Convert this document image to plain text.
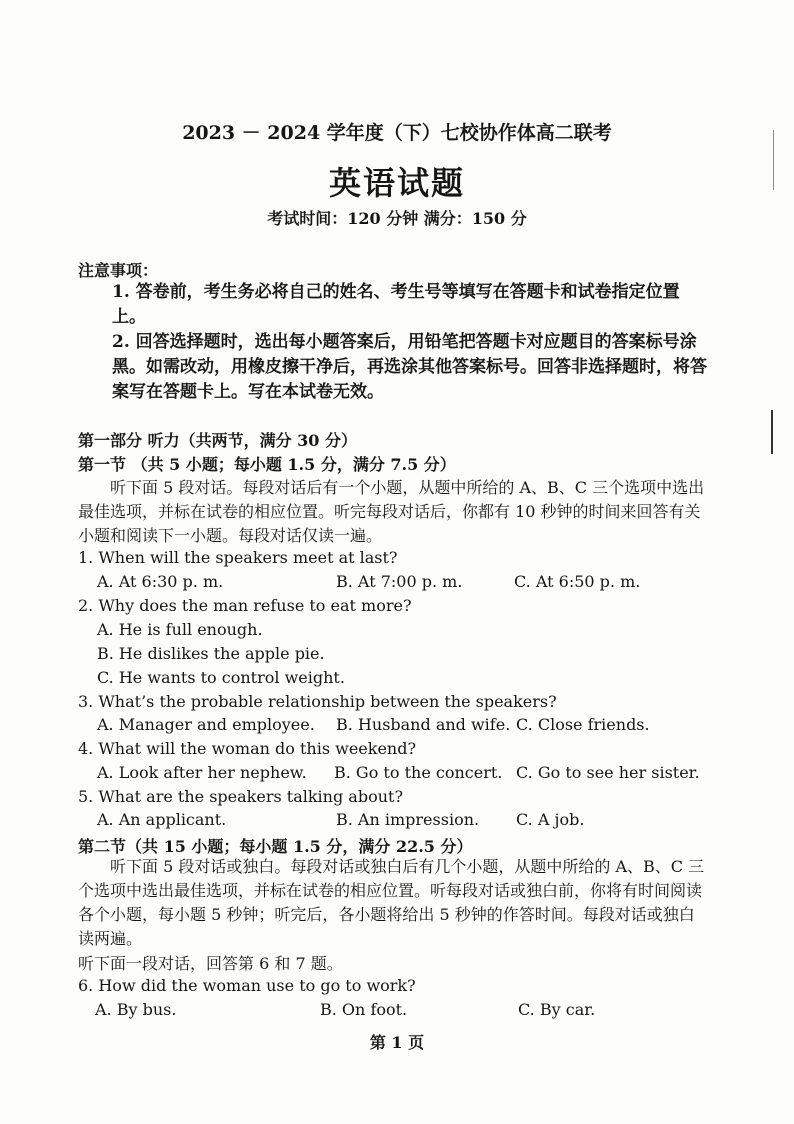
2023 － 2024 学年度（下）七校协作体高二联考
英语试题
考试时间：120 分钟 满分：150 分
注意事项：
1. 答卷前，考生务必将自己的姓名、考生号等填写在答题卡和试卷指定位置上。
2. 回答选择题时，选出每小题答案后，用铅笔把答题卡对应题目的答案标号涂黑。如需改动，用橡皮擦干净后，再选涂其他答案标号。回答非选择题时，将答案写在答题卡上。写在本试卷无效。
第一部分 听力（共两节，满分 30 分）
第一节 （共 5 小题；每小题 1.5 分，满分 7.5 分）
听下面 5 段对话。每段对话后有一个小题，从题中所给的 A、B、C 三个选项中选出最佳选项，并标在试卷的相应位置。听完每段对话后，你都有 10 秒钟的时间来回答有关小题和阅读下一小题。每段对话仅读一遍。
1. When will the speakers meet at last?
A. At 6:30 p. m.	B. At 7:00 p. m.	C. At 6:50 p. m.
2. Why does the man refuse to eat more?
A. He is full enough.
B. He dislikes the apple pie.
C. He wants to control weight.
3. What’s the probable relationship between the speakers?
A. Manager and employee. B. Husband and wife. C. Close friends.
4. What will the woman do this weekend?
A. Look after her nephew. B. Go to the concert. C. Go to see her sister.
5. What are the speakers talking about?
A. An applicant.	B. An impression. C. A job.
第二节（共 15 小题；每小题 1.5 分，满分 22.5 分）
听下面 5 段对话或独白。每段对话或独白后有几个小题，从题中所给的 A、B、C 三个选项中选出最佳选项，并标在试卷的相应位置。听每段对话或独白前，你将有时间阅读各个小题，每小题 5 秒钟；听完后，各小题将给出 5 秒钟的作答时间。每段对话或独白读两遍。
听下面一段对话，回答第 6 和 7 题。
6. How did the woman use to go to work?
A. By bus.	B. On foot.	C. By car.
第 1 页
